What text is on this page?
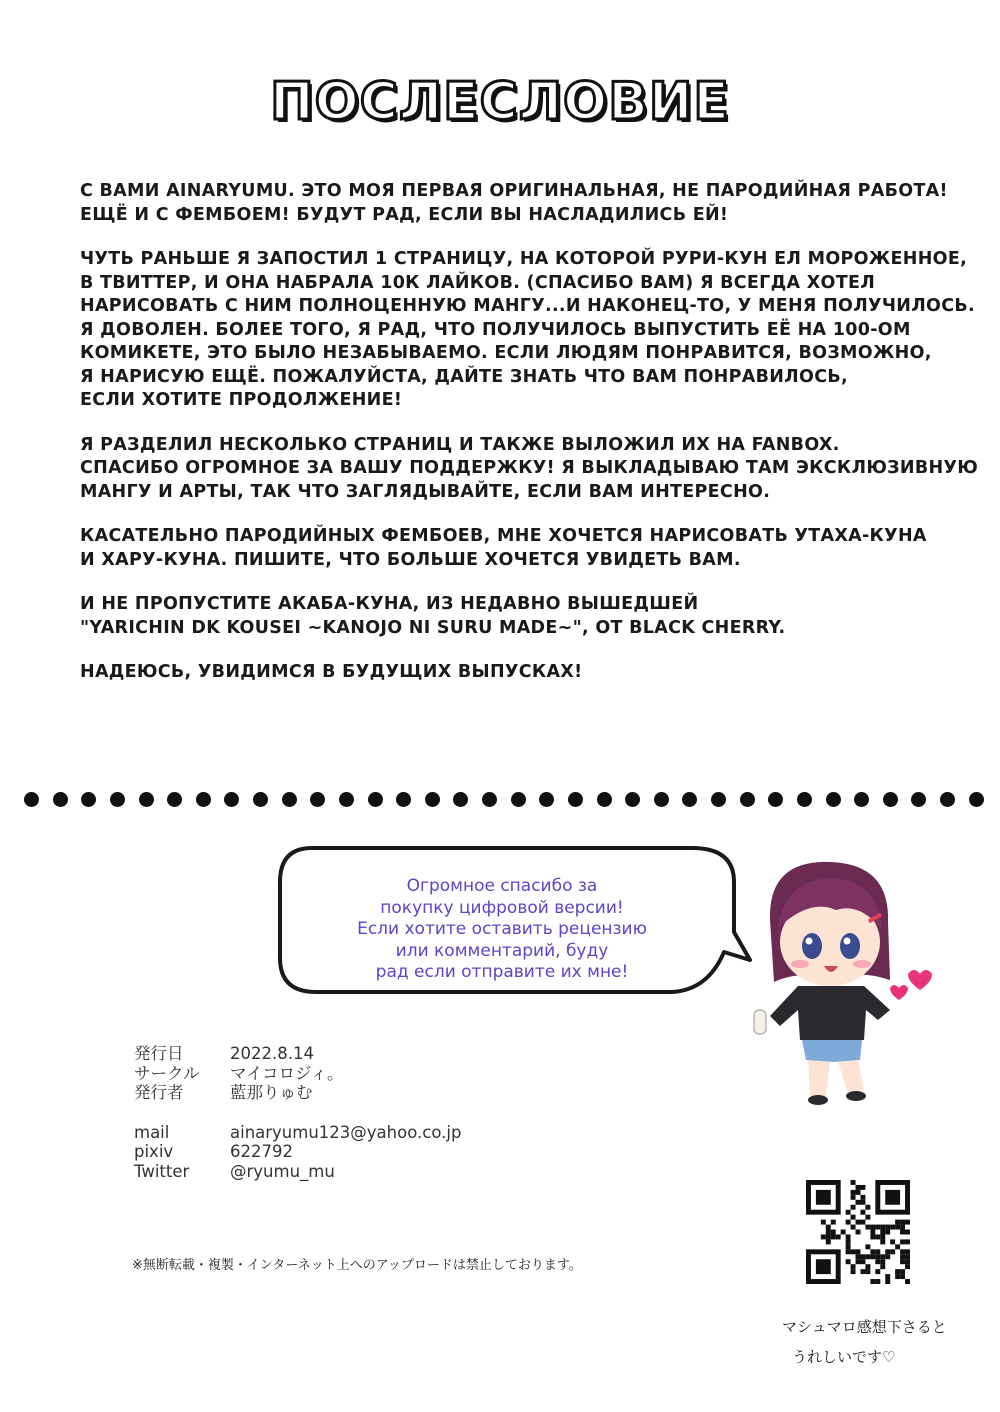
ПОСЛЕСЛОВИЕ
С ВАМИ AINARYUMU. ЭТО МОЯ ПЕРВАЯ ОРИГИНАЛЬНАЯ, НЕ ПАРОДИЙНАЯ РАБОТА!
ЕЩЁ И С ФЕМБОЕМ! БУДУТ РАД, ЕСЛИ ВЫ НАСЛАДИЛИСЬ ЕЙ!
ЧУТЬ РАНЬШЕ Я ЗАПОСТИЛ 1 СТРАНИЦУ, НА КОТОРОЙ РУРИ-КУН ЕЛ МОРОЖЕННОЕ,
В ТВИТТЕР, И ОНА НАБРАЛА 10К ЛАЙКОВ. (СПАСИБО ВАМ) Я ВСЕГДА ХОТЕЛ
НАРИСОВАТЬ С НИМ ПОЛНОЦЕННУЮ МАНГУ...И НАКОНЕЦ-ТО, У МЕНЯ ПОЛУЧИЛОСЬ.
Я ДОВОЛЕН. БОЛЕЕ ТОГО, Я РАД, ЧТО ПОЛУЧИЛОСЬ ВЫПУСТИТЬ ЕЁ НА 100-ОМ
КОМИКЕТЕ, ЭТО БЫЛО НЕЗАБЫВАЕМО. ЕСЛИ ЛЮДЯМ ПОНРАВИТСЯ, ВОЗМОЖНО,
Я НАРИСУЮ ЕЩЁ. ПОЖАЛУЙСТА, ДАЙТЕ ЗНАТЬ ЧТО ВАМ ПОНРАВИЛОСЬ,
ЕСЛИ ХОТИТЕ ПРОДОЛЖЕНИЕ!
Я РАЗДЕЛИЛ НЕСКОЛЬКО СТРАНИЦ И ТАКЖЕ ВЫЛОЖИЛ ИХ НА FANBOX.
СПАСИБО ОГРОМНОЕ ЗА ВАШУ ПОДДЕРЖКУ! Я ВЫКЛАДЫВАЮ ТАМ ЭКСКЛЮЗИВНУЮ
МАНГУ И АРТЫ, ТАК ЧТО ЗАГЛЯДЫВАЙТЕ, ЕСЛИ ВАМ ИНТЕРЕСНО.
КАСАТЕЛЬНО ПАРОДИЙНЫХ ФЕМБОЕВ, МНЕ ХОЧЕТСЯ НАРИСОВАТЬ УТАХА-КУНА
И ХАРУ-КУНА. ПИШИТЕ, ЧТО БОЛЬШЕ ХОЧЕТСЯ УВИДЕТЬ ВАМ.
И НЕ ПРОПУСТИТЕ АКАБА-КУНА, ИЗ НЕДАВНО ВЫШЕДШЕЙ
"YARICHIN DK KOUSEI ~KANOJO NI SURU MADE~", ОТ BLACK CHERRY.
НАДЕЮСЬ, УВИДИМСЯ В БУДУЩИХ ВЫПУСКАХ!
Огромное спасибо за
покупку цифровой версии!
Если хотите оставить рецензию
или комментарий, буду
рад если отправите их мне!
発行日	2022.8.14
サークル	マイコロジィ。
発行者	藍那りゅむ
mail	ainaryumu123@yahoo.co.jp
pixiv	622792
Twitter	@ryumu_mu
※無断転載・複製・インターネット上へのアップロードは禁止しております。
マシュマロ感想下さると
うれしいです♡
